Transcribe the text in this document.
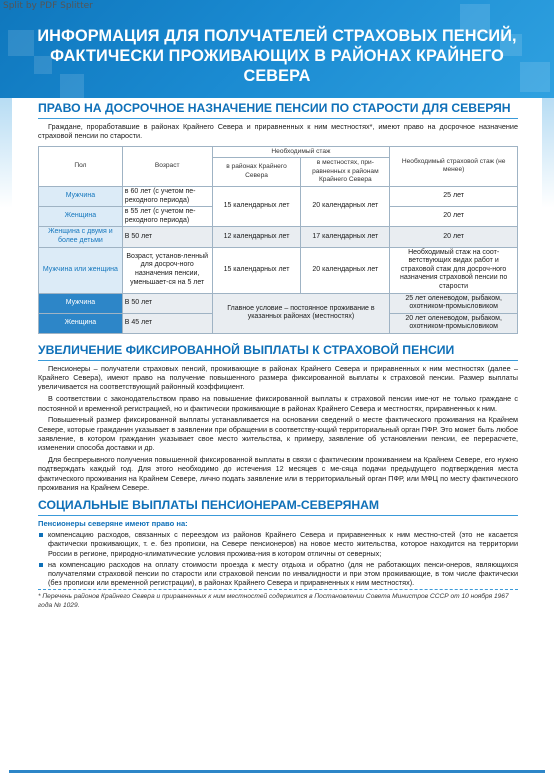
Split by PDF Splitter
ИНФОРМАЦИЯ ДЛЯ ПОЛУЧАТЕЛЕЙ СТРАХОВЫХ ПЕНСИЙ,
ФАКТИЧЕСКИ ПРОЖИВАЮЩИХ В РАЙОНАХ КРАЙНЕГО СЕВЕРА
ПРАВО НА ДОСРОЧНОЕ НАЗНАЧЕНИЕ ПЕНСИИ ПО СТАРОСТИ ДЛЯ СЕВЕРЯН

Граждане, проработавшие в районах Крайнего Севера и приравненных к ним местностях*, имеют право на досрочное назначение страховой пенсии по старости.

Пол	Возраст	Необходимый стаж		Необходимый страховой стаж (не менее)
		в районах Крайнего Севера	в местностях, при-равненных к районам Крайнего Севера	
Мужчина	в 60 лет (с учетом пе-реходного периода)	15 календарных лет	20 календарных лет	25 лет
Женщина	в 55 лет (с учетом пе-реходного периода)			20 лет
Женщина с двумя и более детьми	В 50 лет	12 календарных лет	17 календарных лет	20 лет
Мужчина или женщина	Возраст, установ-ленный для досроч-ного назначения пенсии, уменьшает-ся на 5 лет	15 календарных лет	20 календарных лет	Необходимый стаж на соот-ветствующих видах работ и страховой стаж для досроч-ного назначения страховой пенсии по старости
Мужчина	В 50 лет	Главное условие – постоянное проживание в указанных районах (местностях)		25 лет оленеводом, рыбаком, охотником-промысловиком
Женщина	В 45 лет			20 лет оленеводом, рыбаком, охотником-промысловиком
УВЕЛИЧЕНИЕ ФИКСИРОВАННОЙ ВЫПЛАТЫ К СТРАХОВОЙ ПЕНСИИ

Пенсионеры – получатели страховых пенсий, проживающие в районах Крайнего Севера и приравненных к ним местностях (далее – Крайнего Севера), имеют право на получение повышенного размера фиксированной выплаты к страховой пенсии. Размер выплаты увеличивается на соответствующий районный коэффициент.

В соответствии с законодательством право на повышение фиксированной выплаты к страховой пенсии име-ют не только граждане с постоянной и временной регистрацией, но и фактически проживающие в районах Крайнего Севера и местностях, приравненных к ним.

Повышенный размер фиксированной выплаты устанавливается на основании сведений о месте фактического проживания на Крайнем Севере, которые гражданин указывает в заявлении при обращении в соответству-ющий территориальный орган ПФР. Это может быть любое заявление, в котором гражданин указывает свое место жительства, к примеру, заявление об установлении пенсии, ее перерасчете, изменении способа доставки и др.

Для беспрерывного получения повышенной фиксированной выплаты в связи с фактическим проживанием на Крайнем Севере, его нужно подтверждать каждый год. Для этого необходимо до истечения 12 месяцев с ме-сяца подачи предыдущего подтверждения места фактического проживания на Крайнем Севере, лично подать заявление или в территориальный орган ПФР, или МФЦ по месту фактического проживания на Крайнем Севере.

СОЦИАЛЬНЫЕ ВЫПЛАТЫ ПЕНСИОНЕРАМ-СЕВЕРЯНАМ
Пенсионеры северяне имеют право на:
компенсацию расходов, связанных с переездом из районов Крайнего Севера и приравненных к ним местно-стей (это не касается фактически проживающих, т. е. без прописки, на Севере пенсионеров) на новое место жительства, которое находится на территории России в регионе, природно-климатические условия прожива-ния в котором отличны от северных;
на компенсацию расходов на оплату стоимости проезда к месту отдыха и обратно (для не работающих пенси-онеров, являющихся получателями страховой пенсии по старости или страховой пенсии по инвалидности и при этом проживающие, в том числе фактически (без прописки или временной регистрации), в районах Крайнего Севера и приравненных к ним местностях).
* Перечень районов Крайнего Севера и приравненных к ним местностей содержится в Постановлении Совета Министров СССР от 10 ноября 1967 года № 1029.
